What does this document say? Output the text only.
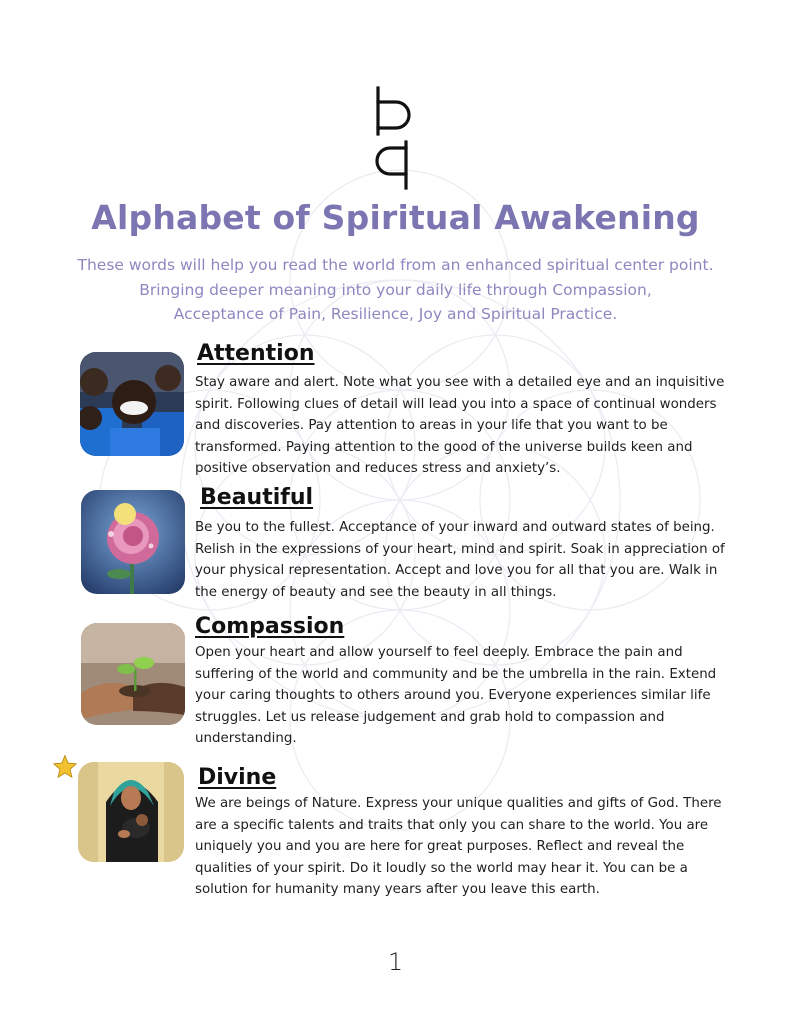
Alphabet of Spiritual Awakening
These words will help you read the world from an enhanced spiritual center point.
Bringing deeper meaning into your daily life through Compassion,
Acceptance of Pain, Resilience, Joy and Spiritual Practice.
Attention

Stay aware and alert. Note what you see with a detailed eye and an inquisitive spirit. Following clues of detail will lead you into a space of continual wonders and discoveries. Pay attention to areas in your life that you want to be transformed. Paying attention to the good of the universe builds keen and positive observation and reduces stress and anxiety’s.

Beautiful

Be you to the fullest. Acceptance of your inward and outward states of being. Relish in the expressions of your heart, mind and spirit. Soak in appreciation of your physical representation. Accept and love you for all that you are. Walk in the energy of beauty and see the beauty in all things.

Compassion

Open your heart and allow yourself to feel deeply. Embrace the pain and suffering of the world and community and be the umbrella in the rain. Extend your caring thoughts to others around you. Everyone experiences similar life struggles. Let us release judgement and grab hold to compassion and understanding.

Divine

We are beings of Nature. Express your unique qualities and gifts of God. There are a specific talents and traits that only you can share to the world. You are uniquely you and you are here for great purposes. Reflect and reveal the qualities of your spirit. Do it loudly so the world may hear it. You can be a solution for humanity many years after you leave this earth.

1
